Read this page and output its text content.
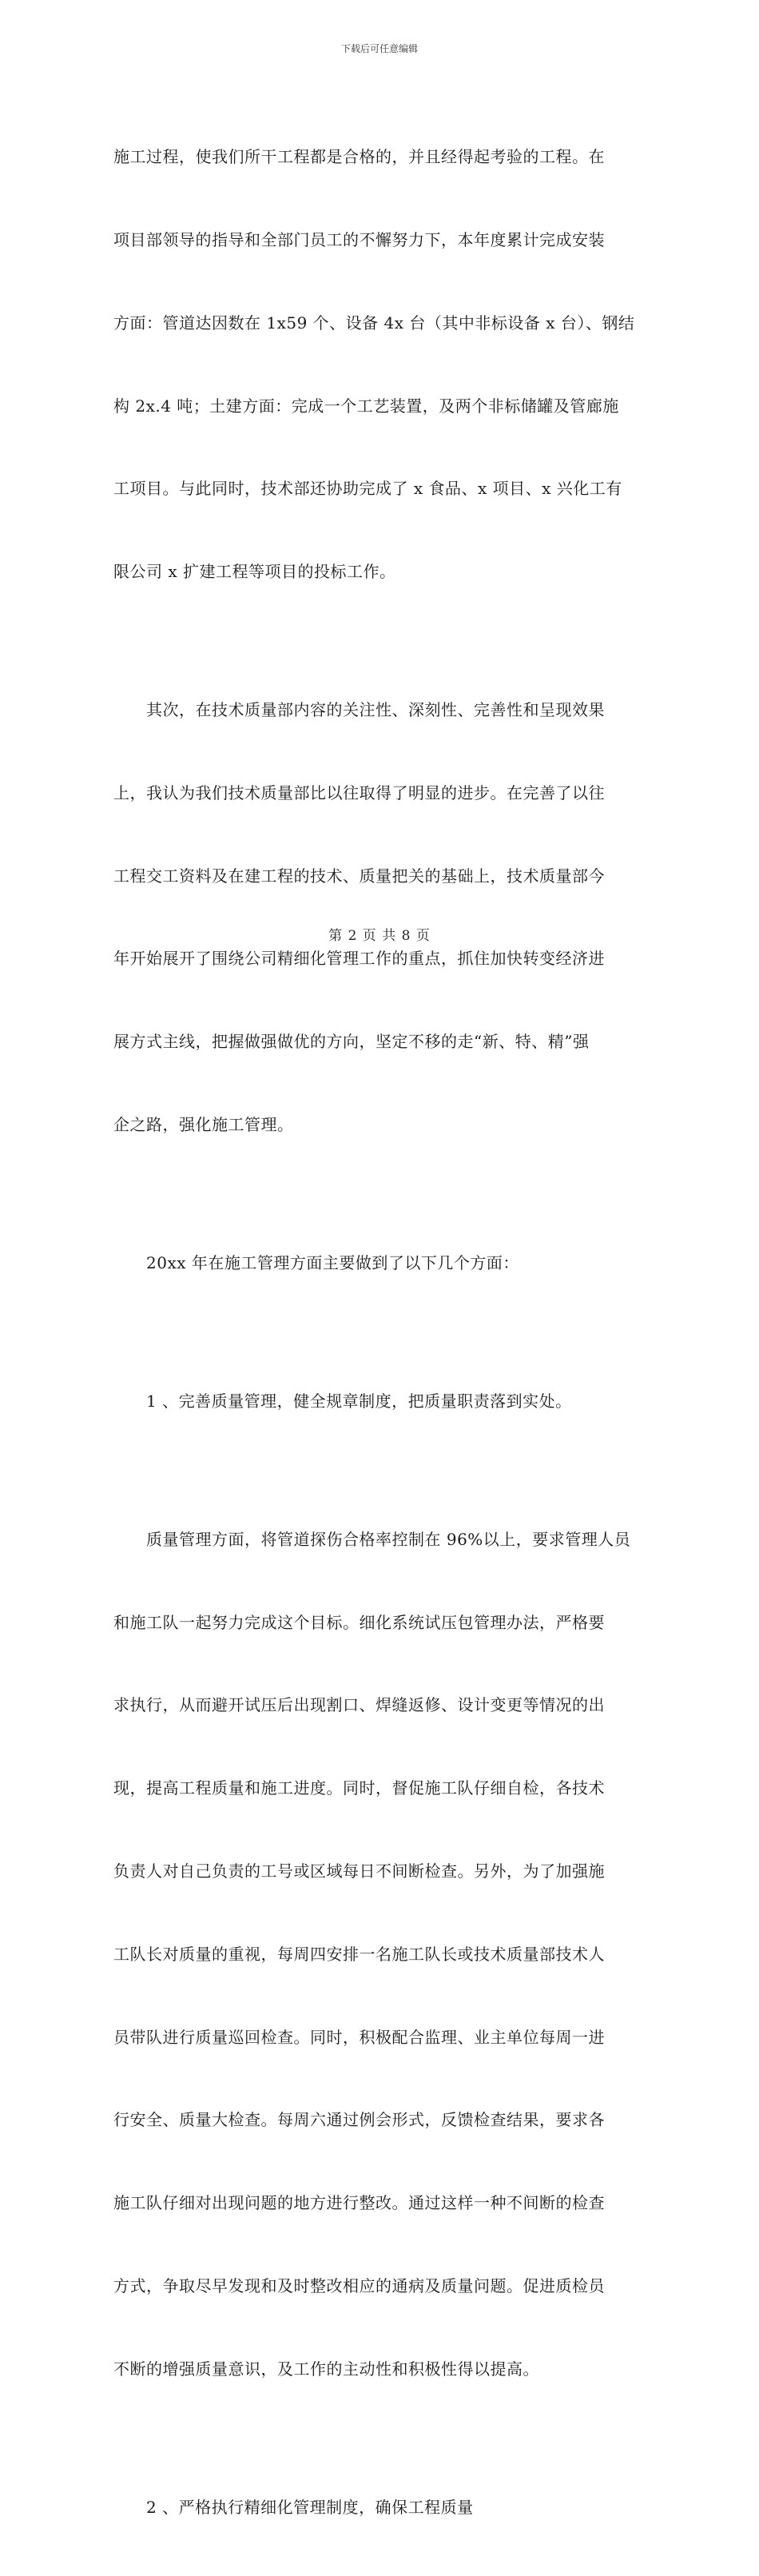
下载后可任意编辑

施工过程，使我们所干工程都是合格的，并且经得起考验的工程。在

项目部领导的指导和全部门员工的不懈努力下，本年度累计完成安装

方面：管道达因数在 1x59 个、设备 4x 台（其中非标设备 x 台）、钢结

构 2x.4 吨；土建方面：完成一个工艺装置，及两个非标储罐及管廊施

工项目。与此同时，技术部还协助完成了 x 食品、x 项目、x 兴化工有

限公司 x 扩建工程等项目的投标工作。

　　其次，在技术质量部内容的关注性、深刻性、完善性和呈现效果

上，我认为我们技术质量部比以往取得了明显的进步。在完善了以往

工程交工资料及在建工程的技术、质量把关的基础上，技术质量部今

年开始展开了围绕公司精细化管理工作的重点，抓住加快转变经济进

展方式主线，把握做强做优的方向，坚定不移的走“新、特、精”强

企之路，强化施工管理。

　　20xx 年在施工管理方面主要做到了以下几个方面：

　　1 、完善质量管理，健全规章制度，把质量职责落到实处。

　　质量管理方面，将管道探伤合格率控制在 96%以上，要求管理人员

和施工队一起努力完成这个目标。细化系统试压包管理办法，严格要

求执行，从而避开试压后出现割口、焊缝返修、设计变更等情况的出

现，提高工程质量和施工进度。同时，督促施工队仔细自检，各技术

负责人对自己负责的工号或区域每日不间断检查。另外，为了加强施

工队长对质量的重视，每周四安排一名施工队长或技术质量部技术人

员带队进行质量巡回检查。同时，积极配合监理、业主单位每周一进

行安全、质量大检查。每周六通过例会形式，反馈检查结果，要求各

施工队仔细对出现问题的地方进行整改。通过这样一种不间断的检查

方式，争取尽早发现和及时整改相应的通病及质量问题。促进质检员

不断的增强质量意识，及工作的主动性和积极性得以提高。

　　2 、严格执行精细化管理制度，确保工程质量

第 2 页 共 8 页
